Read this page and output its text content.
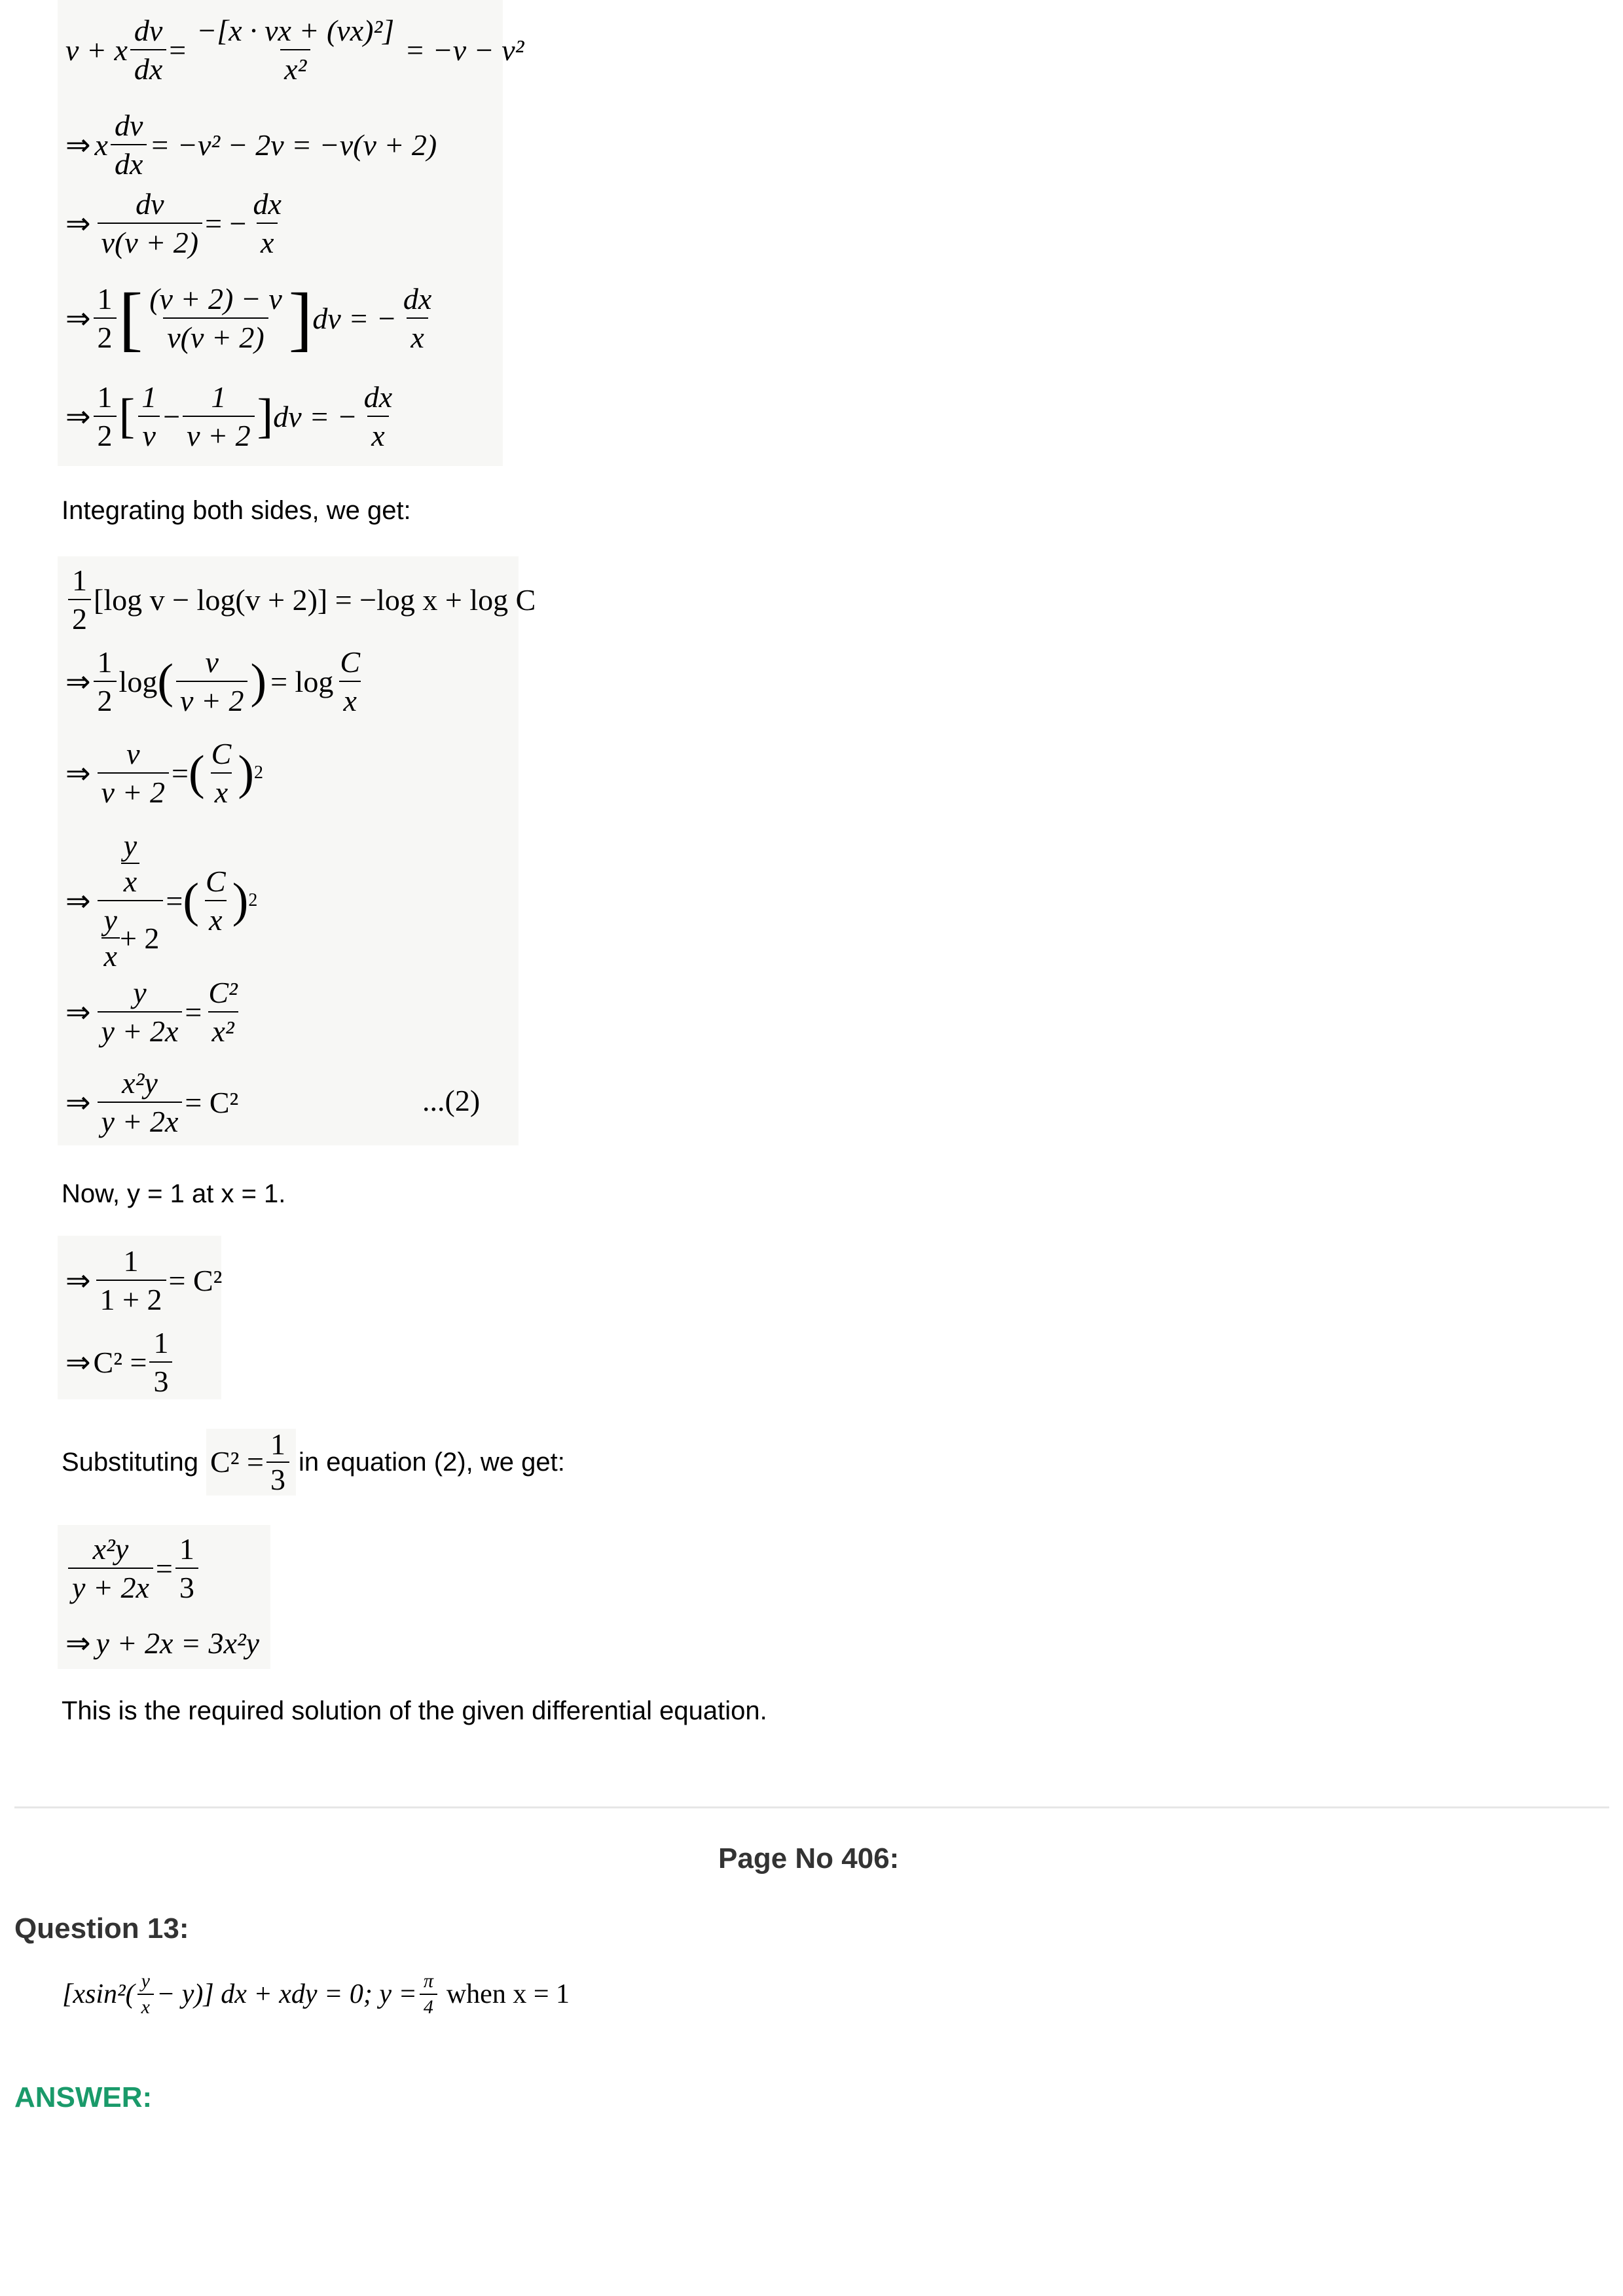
v + x $\frac{dv}{dx} = \frac{\text{−[x · vx + (vx)²]}}{\text{x²}} = -v - v^2$
⇒ x $\frac{dv}{dx} = -v^2 - 2v = -v(v + 2)$
⇒ $\frac{dv}{v(v + 2)}$ = − $\frac{dx}{x}$
⇒ $\frac{1}{2}$ [ $\frac{(v + 2) - v}{v(v + 2)}$ ] dv = − $\frac{dx}{x}$
⇒ $\frac{1}{2}$ [ $\frac{1}{v} - \frac{1}{v + 2}$ ] dv = − $\frac{dx}{x}$
Integrating both sides, we get:
$\frac{1}{2} [\log$ v − log(v + 2)] = −log x + log C
⇒ $\frac{1}{2}$ log ( $\frac{v}{v + 2}$ ) = $\log \frac{C}{x}$
⇒ $\frac{v}{v + 2}$ = ( $\frac{C}{x}$ ) 2
⇒ y
x
y
x
+ 2 = ( $\frac{C}{x}$ ) 2
⇒ $\frac{y}{y + 2x} = \frac{\text{C²}}{\text{x²}}$
⇒ $\frac{\text{x²y}}{y + 2x} = C^2$	...(2)
Now, y = 1 at x = 1.
⇒ $\frac{1}{1 + 2} = C^2$
⇒ $C^2 = \frac{1}{3}$
Substituting $C^2 = \frac{1}{3}$ in equation (2), we get:
$\frac{\text{x²y}}{y + 2x} = \frac{1}{3}$
⇒ y + 2x = 3x²y
This is the required solution of the given differential equation.
Page No 406:
Question 13:
$[xsin^2( \frac{y}{x} - y)]$ dx + xdy = 0; $y = \frac{\pi}{4}$ when x = 1
ANSWER:
